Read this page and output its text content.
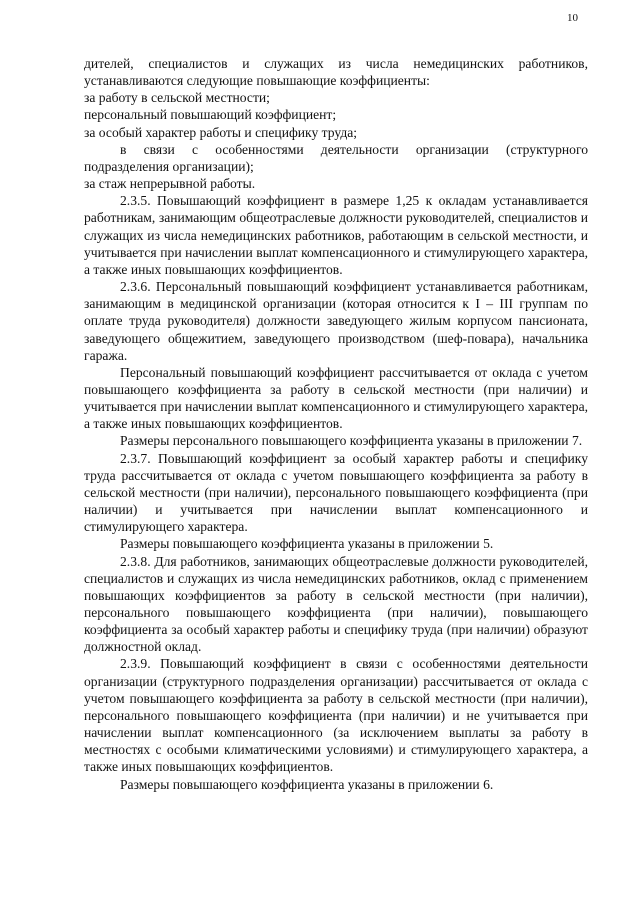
10

дителей, специалистов и служащих из числа немедицинских работников, устанавливаются следующие повышающие коэффициенты:

за работу в сельской местности;

персональный повышающий коэффициент;

за особый характер работы и специфику труда;

в связи с особенностями деятельности организации (структурного подразделения организации);

за стаж непрерывной работы.

2.3.5. Повышающий коэффициент в размере 1,25 к окладам устанавливается работникам, занимающим общеотраслевые должности руководителей, специалистов и служащих из числа немедицинских работников, работающим в сельской местности, и учитывается при начислении выплат компенсационного и стимулирующего характера, а также иных повышающих коэффициентов.

2.3.6. Персональный повышающий коэффициент устанавливается работникам, занимающим в медицинской организации (которая относится к I – III группам по оплате труда руководителя) должности заведующего жилым корпусом пансионата, заведующего общежитием, заведующего производством (шеф-повара), начальника гаража.

Персональный повышающий коэффициент рассчитывается от оклада с учетом повышающего коэффициента за работу в сельской местности (при наличии) и учитывается при начислении выплат компенсационного и стимулирующего характера, а также иных повышающих коэффициентов.

Размеры персонального повышающего коэффициента указаны в приложении 7.

2.3.7. Повышающий коэффициент за особый характер работы и специфику труда рассчитывается от оклада с учетом повышающего коэффициента за работу в сельской местности (при наличии), персонального повышающего коэффициента (при наличии) и учитывается при начислении выплат компенсационного и стимулирующего характера.

Размеры повышающего коэффициента указаны в приложении 5.

2.3.8. Для работников, занимающих общеотраслевые должности руководителей, специалистов и служащих из числа немедицинских работников, оклад с применением повышающих коэффициентов за работу в сельской местности (при наличии), персонального повышающего коэффициента (при наличии), повышающего коэффициента за особый характер работы и специфику труда (при наличии) образуют должностной оклад.

2.3.9. Повышающий коэффициент в связи с особенностями деятельности организации (структурного подразделения организации) рассчитывается от оклада с учетом повышающего коэффициента за работу в сельской местности (при наличии), персонального повышающего коэффициента (при наличии) и не учитывается при начислении выплат компенсационного (за исключением выплаты за работу в местностях с особыми климатическими условиями) и стимулирующего характера, а также иных повышающих коэффициентов.

Размеры повышающего коэффициента указаны в приложении 6.
